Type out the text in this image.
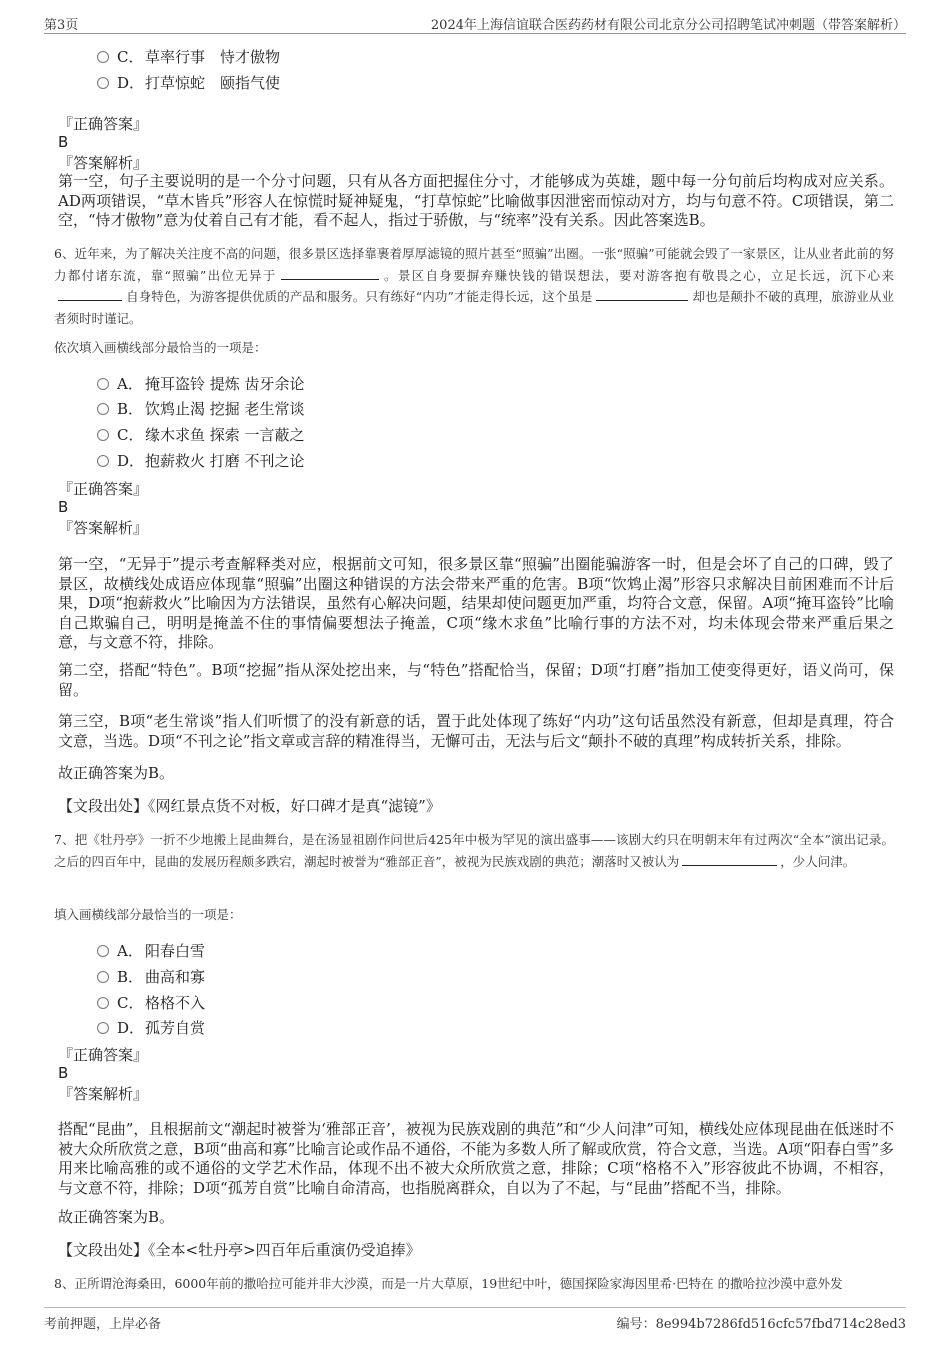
第3页	2024年上海信谊联合医药药材有限公司北京分公司招聘笔试冲刺题（带答案解析）
C． 草率行事　恃才傲物
D．打草惊蛇　颐指气使
『正确答案』
B
『答案解析』
第一空，句子主要说明的是一个分寸问题，只有从各方面把握住分寸，才能够成为英雄，题中每一分句前后均构成对应关系。AD两项错误，“草木皆兵”形容人在惊慌时疑神疑鬼，“打草惊蛇”比喻做事因泄密而惊动对方，均与句意不符。C项错误，第二空，“恃才傲物”意为仗着自己有才能，看不起人，指过于骄傲，与“统率”没有关系。因此答案选B。
6、近年来，为了解决关注度不高的问题，很多景区选择靠裹着厚厚滤镜的照片甚至“照骗”出圈。一张“照骗”可能就会毁了一家景区，让从业者此前的努力都付诸东流，靠“照骗”出位无异于	。景区自身要摒弃赚快钱的错误想法，要对游客抱有敬畏之心，立足长远，沉下心来自身特色，为游客提供优质的产品和服务。只有练好“内功”才能走得长远，这个虽是	却也是颠扑不破的真理，旅游业从业者须时时谨记。
依次填入画横线部分最恰当的一项是：
A． 掩耳盗铃 提炼 齿牙余论
B． 饮鸩止渴 挖掘 老生常谈
C． 缘木求鱼 探索 一言蔽之
D．抱薪救火 打磨 不刊之论
『正确答案』
B
『答案解析』
第一空，“无异于”提示考查解释类对应，根据前文可知，很多景区靠“照骗”出圈能骗游客一时，但是会坏了自己的口碑，毁了景区，故横线处成语应体现靠“照骗”出圈这种错误的方法会带来严重的危害。B项“饮鸩止渴”形容只求解决目前困难而不计后果，D项“抱薪救火”比喻因为方法错误，虽然有心解决问题，结果却使问题更加严重，均符合文意，保留。A项“掩耳盗铃”比喻自己欺骗自己，明明是掩盖不住的事情偏要想法子掩盖，C项“缘木求鱼”比喻行事的方法不对，均未体现会带来严重后果之意，与文意不符，排除。
第二空，搭配“特色”。B项“挖掘”指从深处挖出来，与“特色”搭配恰当，保留；D项“打磨”指加工使变得更好，语义尚可，保留。
第三空，B项“老生常谈”指人们听惯了的没有新意的话，置于此处体现了练好“内功”这句话虽然没有新意，但却是真理，符合文意，当选。D项“不刊之论”指文章或言辞的精准得当，无懈可击，无法与后文“颠扑不破的真理”构成转折关系，排除。
故正确答案为B。
【文段出处】《网红景点货不对板，好口碑才是真“滤镜”》
7、把《牡丹亭》一折不少地搬上昆曲舞台，是在汤显祖剧作问世后425年中极为罕见的演出盛事——该剧大约只在明朝末年有过两次“全本”演出记录。之后的四百年中，昆曲的发展历程颇多跌宕，潮起时被誉为“雅部正音”，被视为民族戏剧的典范；潮落时又被认为	，少人问津。
填入画横线部分最恰当的一项是：
A． 阳春白雪
B． 曲高和寡
C． 格格不入
D．孤芳自赏
『正确答案』
B
『答案解析』
搭配“昆曲”，且根据前文“潮起时被誉为‘雅部正音’，被视为民族戏剧的典范”和“少人问津”可知，横线处应体现昆曲在低迷时不被大众所欣赏之意，B项“曲高和寡”比喻言论或作品不通俗，不能为多数人所了解或欣赏，符合文意，当选。A项“阳春白雪”多用来比喻高雅的或不通俗的文学艺术作品，体现不出不被大众所欣赏之意，排除；C项“格格不入”形容彼此不协调，不相容，与文意不符，排除；D项“孤芳自赏”比喻自命清高，也指脱离群众，自以为了不起，与“昆曲”搭配不当，排除。
故正确答案为B。
【文段出处】《全本<牡丹亭>四百年后重演仍受追捧》
8、正所谓沧海桑田，6000年前的撒哈拉可能并非大沙漠，而是一片大草原，19世纪中叶，德国探险家海因里希·巴特在 的撒哈拉沙漠中意外发
考前押题，上岸必备	编号：8e994b7286fd516cfc57fbd714c28ed3
